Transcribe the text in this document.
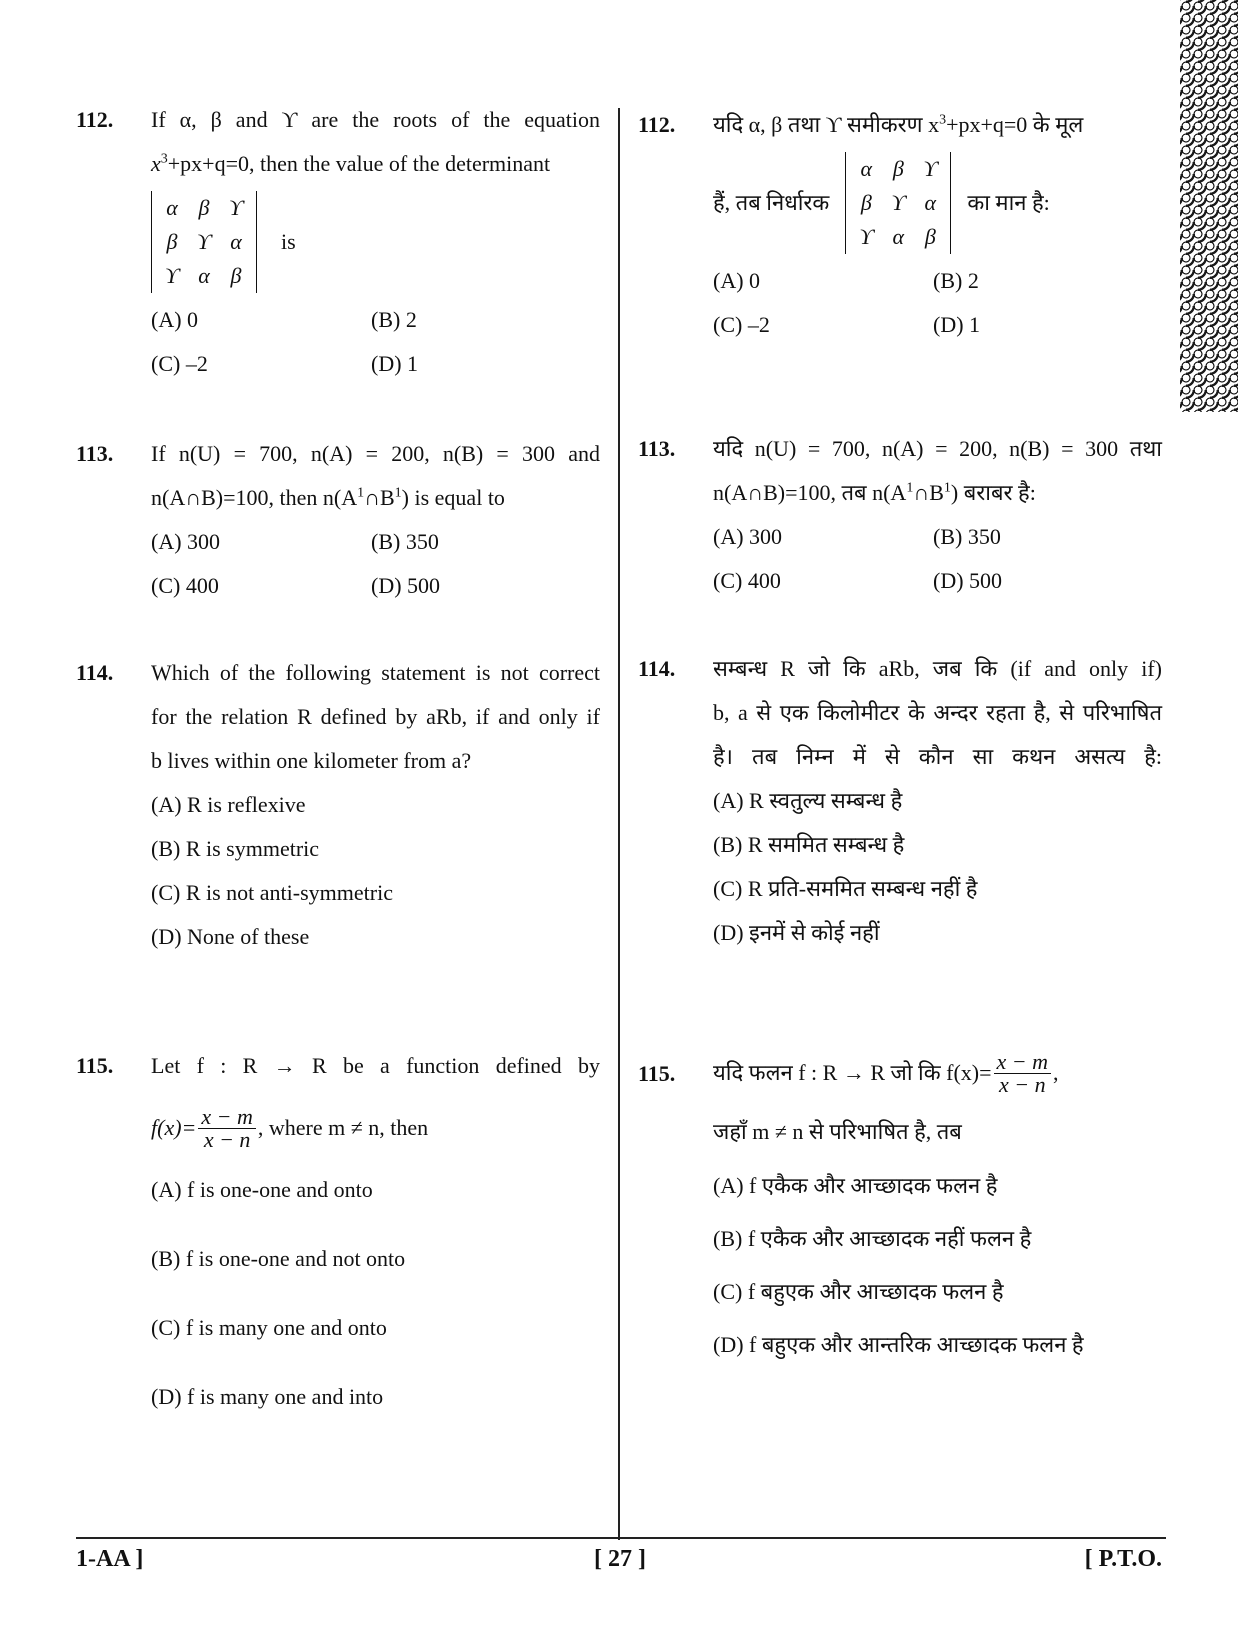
112. If α, β and ϒ are the roots of the equation
$x^3+px+q=0$, then the value of the determinant
α β ϒ
β ϒ α
ϒ α β
is
(A) 0	(B) 2
(C) –2	(D) 1
113. If n(U) = 700, n(A) = 200, n(B) = 300 and
n(A∩B)=100, then $n(A^1\cap B^1)$ is equal to
(A) 300	(B) 350
(C) 400	(D) 500
114. Which of the following statement is not correct
for the relation R defined by aRb, if and only if
b lives within one kilometer from a?
(A) R is reflexive
(B) R is symmetric
(C) R is not anti-symmetric
(D) None of these
115. Let f : R → R be a function defined by
$f(x)= \frac{x - m}{x - n}$ , where m ≠ n, then
(A) f is one-one and onto
(B) f is one-one and not onto
(C) f is many one and onto
(D) f is many one and into
112. यदि α, β तथा ϒ समीकरण $x^3+px+q=0$ के मूल
हैं, तब निर्धारक
α β ϒ
β ϒ α
ϒ α β
का मान है:
(A) 0	(B) 2
(C) –2	(D) 1
113. यदि n(U) = 700, n(A) = 200, n(B) = 300 तथा
n(A∩B)=100, तब $n(A^1\cap B^1)$ बराबर है:
(A) 300	(B) 350
(C) 400	(D) 500
114. सम्बन्ध R जो कि aRb, जब कि (if and only if)
b, a से एक किलोमीटर के अन्दर रहता है, से परिभाषित
है। तब निम्न में से कौन सा कथन असत्य है:
(A) R स्वतुल्य सम्बन्ध है
(B) R सममित सम्बन्ध है
(C) R प्रति-सममित सम्बन्ध नहीं है
(D) इनमें से कोई नहीं
115. यदि फलन f : R → R जो कि $f(x)= \frac{x - m}{x - n}$ ,
जहाँ m ≠ n से परिभाषित है, तब
(A) f एकैक और आच्छादक फलन है
(B) f एकैक और आच्छादक नहीं फलन है
(C) f बहुएक और आच्छादक फलन है
(D) f बहुएक और आन्तरिक आच्छादक फलन है
1-AA ]	[ 27 ]	[ P.T.O.
